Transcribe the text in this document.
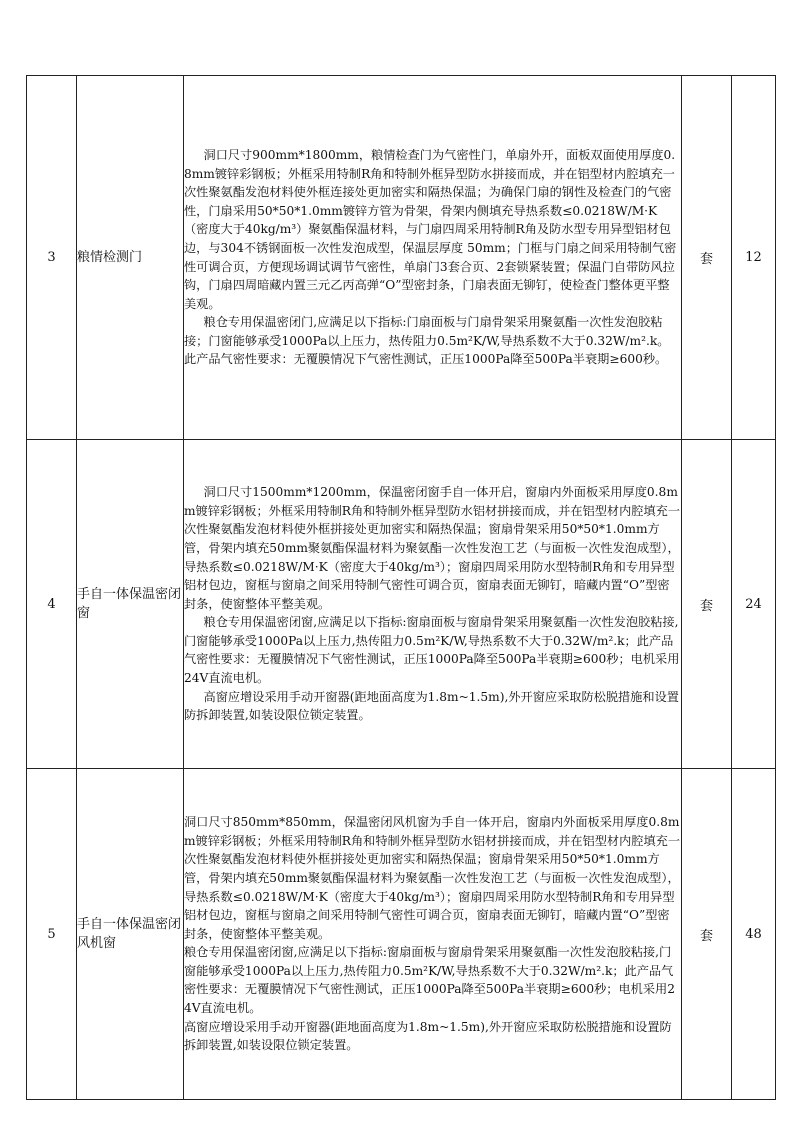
3	粮情检测门	洞口尺寸900mm*1800mm，粮情检查门为气密性门，单扇外开，面板双面使用厚度0.8mm镀锌彩钢板；外框采用特制R角和特制外框异型防水拼接而成，并在铝型材内腔填充一次性聚氨酯发泡材料使外框连接处更加密实和隔热保温；为确保门扇的钢性及检查门的气密性，门扇采用50*50*1.0mm镀锌方管为骨架，骨架内侧填充导热系数≤0.0218W/M·K（密度大于40kg/m³）聚氨酯保温材料，与门扇四周采用特制R角及防水型专用异型铝材包边，与304不锈钢面板一次性发泡成型，保温层厚度 50mm；门框与门扇之间采用特制气密性可调合页，方便现场调试调节气密性，单扇门3套合页、2套锁紧装置；保温门自带防风拉钩，门扇四周暗藏内置三元乙丙高弹“O”型密封条，门扇表面无铆钉，使检查门整体更平整美观。

粮仓专用保温密闭门,应满足以下指标:门扇面板与门扇骨架采用聚氨酯一次性发泡胶粘接；门窗能够承受1000Pa以上压力，热传阻力0.5m²K/W,导热系数不大于0.32W/m².k。此产品气密性要求：无覆膜情况下气密性测试，正压1000Pa降至500Pa半衰期≥600秒。	套	12
4	手自一体保温密闭窗	洞口尺寸1500mm*1200mm，保温密闭窗手自一体开启，窗扇内外面板采用厚度0.8mm镀锌彩钢板；外框采用特制R角和特制外框异型防水铝材拼接而成，并在铝型材内腔填充一次性聚氨酯发泡材料使外框拼接处更加密实和隔热保温；窗扇骨架采用50*50*1.0mm方管，骨架内填充50mm聚氨酯保温材料为聚氨酯一次性发泡工艺（与面板一次性发泡成型），导热系数≤0.0218W/M·K（密度大于40kg/m³）；窗扇四周采用防水型特制R角和专用异型铝材包边，窗框与窗扇之间采用特制气密性可调合页，窗扇表面无铆钉，暗藏内置“O”型密封条，使窗整体平整美观。

粮仓专用保温密闭窗,应满足以下指标:窗扇面板与窗扇骨架采用聚氨酯一次性发泡胶粘接,门窗能够承受1000Pa以上压力,热传阻力0.5m²K/W,导热系数不大于0.32W/m².k；此产品气密性要求：无覆膜情况下气密性测试，正压1000Pa降至500Pa半衰期≥600秒；电机采用24V直流电机。

高窗应增设采用手动开窗器(距地面高度为1.8m~1.5m),外开窗应采取防松脱措施和设置防拆卸装置,如装设限位锁定装置。	套	24
5	手自一体保温密闭风机窗	洞口尺寸850mm*850mm，保温密闭风机窗为手自一体开启，窗扇内外面板采用厚度0.8mm镀锌彩钢板；外框采用特制R角和特制外框异型防水铝材拼接而成，并在铝型材内腔填充一次性聚氨酯发泡材料使外框拼接处更加密实和隔热保温；窗扇骨架采用50*50*1.0mm方管，骨架内填充50mm聚氨酯保温材料为聚氨酯一次性发泡工艺（与面板一次性发泡成型），导热系数≤0.0218W/M·K（密度大于40kg/m³）；窗扇四周采用防水型特制R角和专用异型铝材包边，窗框与窗扇之间采用特制气密性可调合页，窗扇表面无铆钉，暗藏内置“O”型密封条，使窗整体平整美观。

粮仓专用保温密闭窗,应满足以下指标:窗扇面板与窗扇骨架采用聚氨酯一次性发泡胶粘接,门窗能够承受1000Pa以上压力,热传阻力0.5m²K/W,导热系数不大于0.32W/m².k；此产品气密性要求：无覆膜情况下气密性测试，正压1000Pa降至500Pa半衰期≥600秒；电机采用24V直流电机。

高窗应增设采用手动开窗器(距地面高度为1.8m~1.5m),外开窗应采取防松脱措施和设置防拆卸装置,如装设限位锁定装置。	套	48
